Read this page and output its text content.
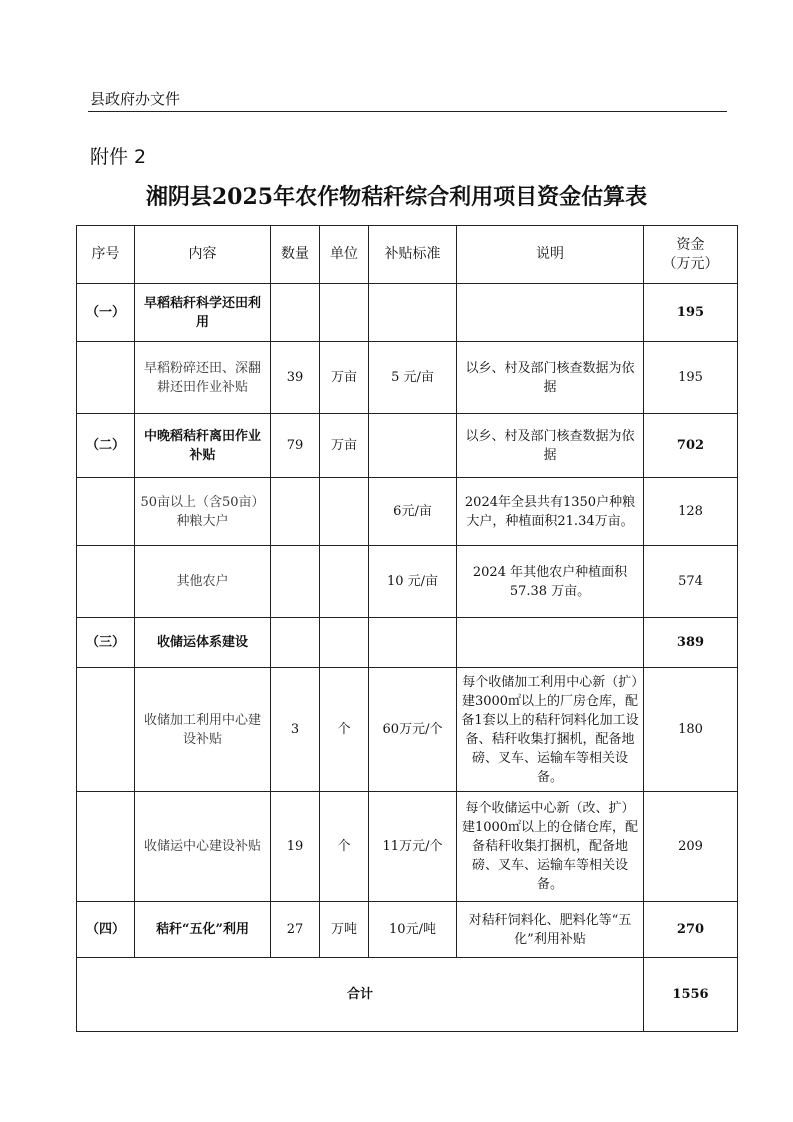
县政府办文件
附件 2
湘阴县2025年农作物秸秆综合利用项目资金估算表
序号	内容	数量	单位	补贴标准	说明	资金
（万元）

（一）	早稻秸秆科学还田利用					195
	早稻粉碎还田、深翻耕还田作业补贴	39	万亩	5 元/亩	以乡、村及部门核查数据为依据	195
（二）	中晚稻秸秆离田作业补贴	79	万亩		以乡、村及部门核查数据为依据	702
	50亩以上（含50亩）种粮大户			6元/亩	2024年全县共有1350户种粮大户，种植面积21.34万亩。	128
	其他农户			10 元/亩	2024 年其他农户种植面积 57.38 万亩。	574
（三）	收储运体系建设					389
	收储加工利用中心建设补贴	3	个	60万元/个	每个收储加工利用中心新（扩）建3000㎡以上的厂房仓库，配备1套以上的秸秆饲料化加工设备、秸秆收集打捆机，配备地磅、叉车、运输车等相关设备。	180
	收储运中心建设补贴	19	个	11万元/个	每个收储运中心新（改、扩）建1000㎡以上的仓储仓库，配备秸秆收集打捆机，配备地磅、叉车、运输车等相关设备。	209
（四）	秸秆“五化”利用	27	万吨	10元/吨	对秸秆饲料化、肥料化等“五化”利用补贴	270
合计						1556
